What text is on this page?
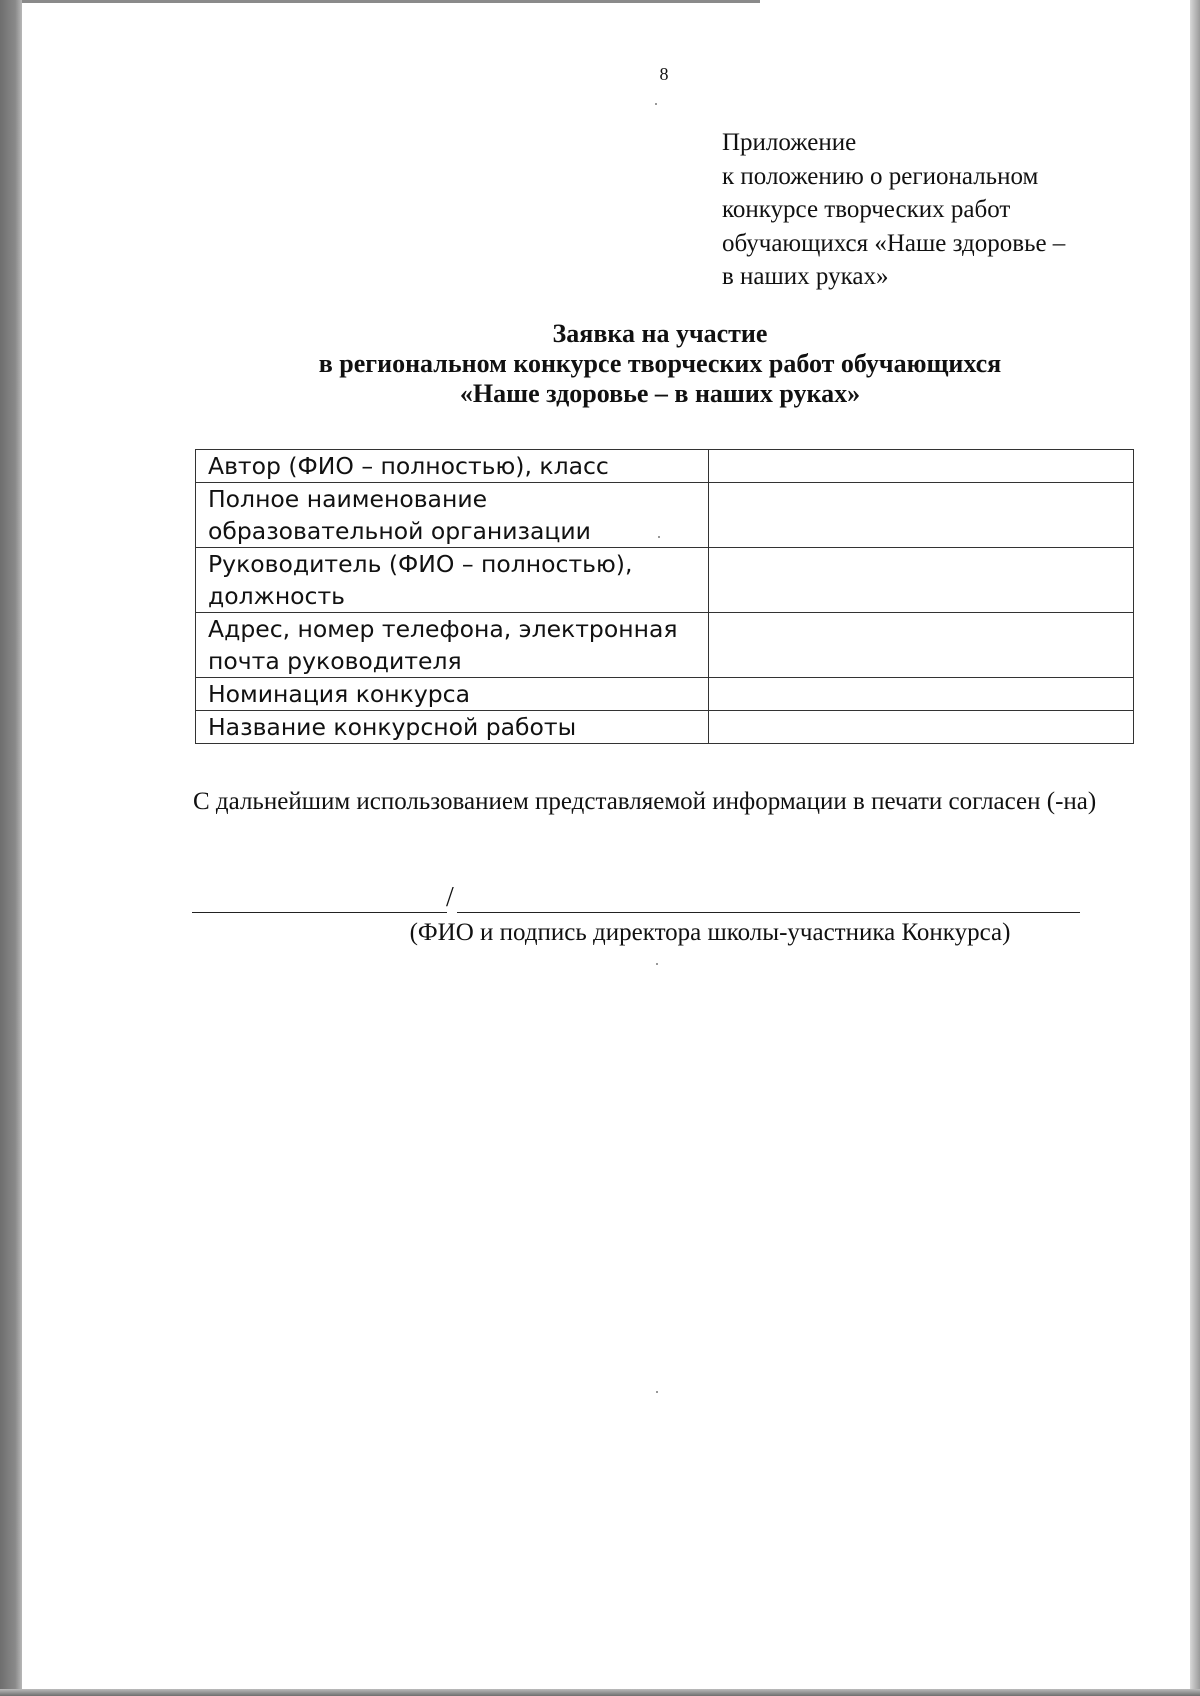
8
Приложение
к положению о региональном
конкурсе творческих работ
обучающихся «Наше здоровье –
в наших руках»
Заявка на участие
в региональном конкурсе творческих работ обучающихся
«Наше здоровье – в наших руках»
Автор (ФИО – полностью), класс	
Полное наименование образовательной организации	
Руководитель (ФИО – полностью), должность	
Адрес, номер телефона, электронная почта руководителя	
Номинация конкурса	
Название конкурсной работы	
С дальнейшим использованием представляемой информации в печати согласен (-на)
/
(ФИО и подпись директора школы-участника Конкурса)
